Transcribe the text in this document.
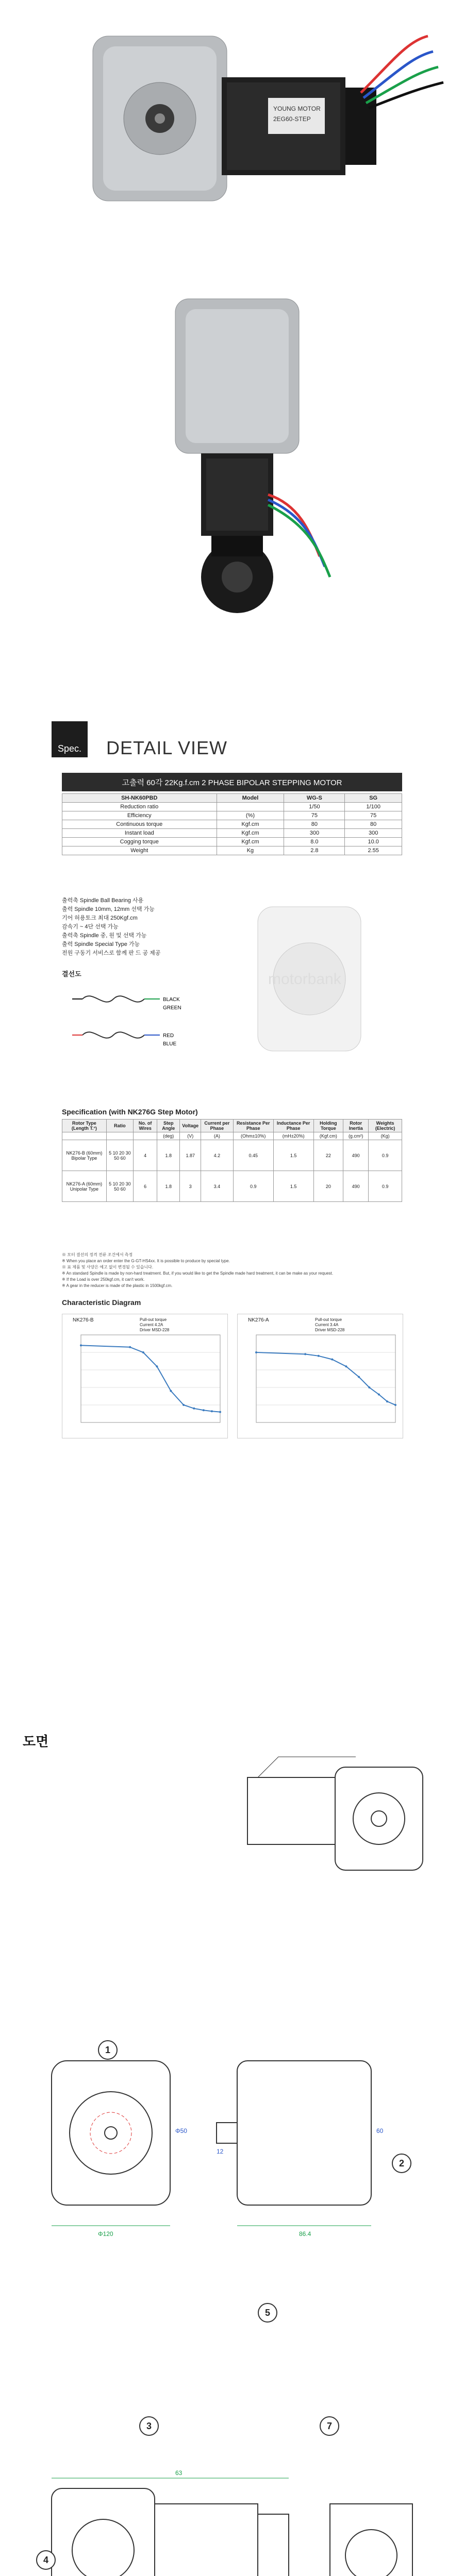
YOUNG MOTOR
2EG60-STEP
Spec. DETAIL VIEW
고출력 60각 22Kg.f.cm 2 PHASE BIPOLAR STEPPING MOTOR
SH-NK60PBD	Model	WG-S	SG
Reduction ratio		1/50	1/100
Efficiency	(%)	75	75
Continuous torque	Kgf.cm	80	80
Instant load	Kgf.cm	300	300
Cogging torque	Kgf.cm	8.0	10.0
Weight	Kg	2.8	2.55
출력축 Spindle Ball Bearing 사용
출력 Spindle 10mm, 12mm 선택 가능
기어 허용토크 최대 250Kgf.cm
감속기 ~ 4단 선택 가능
출력축 Spindle 중, 원 및 선택 가능
출력 Spindle Special Type 가능
전원 구동기 서비스로 함께 판 드 공 제공
결선도
BLACK
GREEN
RED
BLUE
motorbank
Specification (with NK276G Step Motor)
Rotor Type (Length T.°)	Ratio	No. of Wires	Step Angle	Voltage	Current per Phase	Resistance Per Phase	Inductance Per Phase	Holding Torque	Rotor Inertia	Weights (Electric)
			(deg)	(V)	(A)	(Ohm±10%)	(mH±20%)	(Kgf.cm)	(g.cm²)	(Kg)
NK276-B (60mm) Bipolar Type	5 10 20 30 50 60	4	1.8	1.87	4.2	0.45	1.5	22	490	0.9
NK276-A (60mm) Unipolar Type	5 10 20 30 50 60	6	1.8	3	3.4	0.9	1.5	20	490	0.9
※ 모터 결선의 정격 전류 조건에서 측정
※ When you place an order enter the G-GT-HS4xx. It is possible to produce by special type.
※ 표 제품 및 사양은 예고 없이 변경될 수 있습니다.
※ An standard Spindle is made by non-hard treatment. But, if you would like to get the Spindle made hard treatment, it can be make as your request.
※ If the Load is over 250kgf.cm, it can't work.
※ A gear in the reducer is made of the plastic in 1500kgf.cm.
Characteristic Diagram
NK276-B	Pull-out torque
Current 4.2A
Driver MSD-228
NK276-A	Pull-out torque
Current 3.4A
Driver MSD-228
도면
Φ120
Φ50
86.4
60
12
1
2
5
63
3
4
7
